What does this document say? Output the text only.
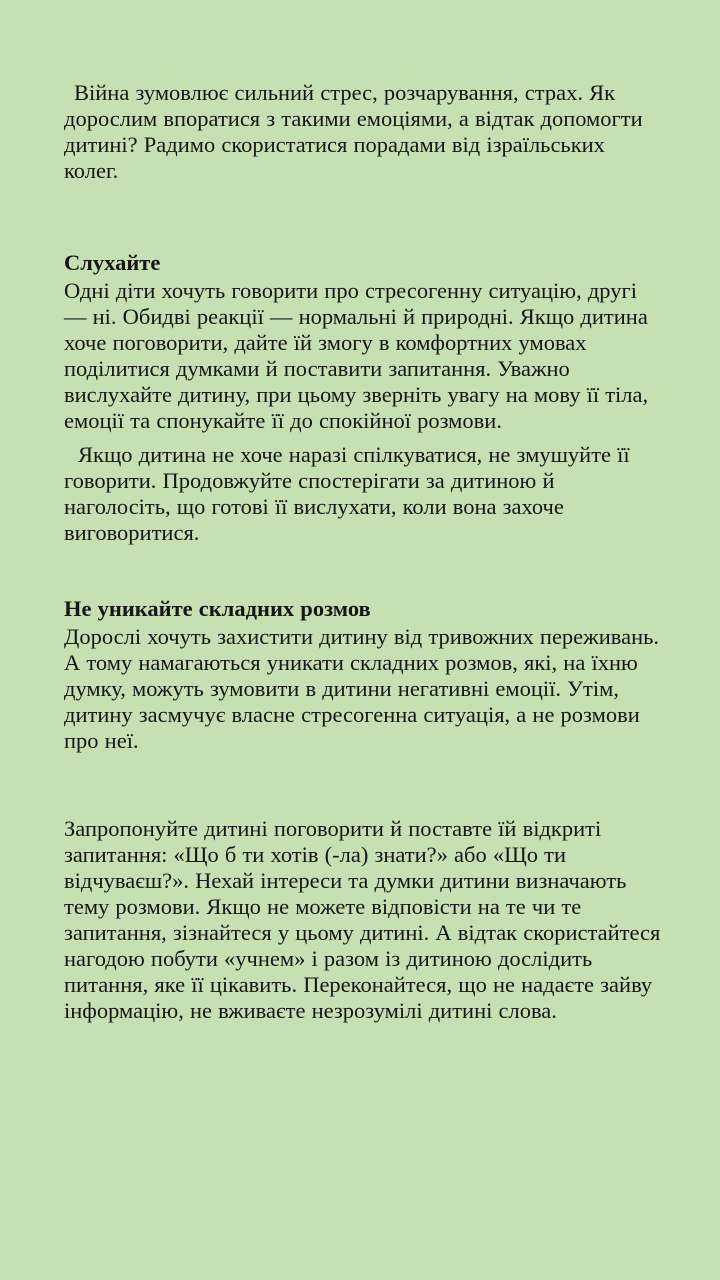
Війна зумовлює сильний стрес, розчарування, страх. Як дорослим впоратися з такими емоціями, а відтак допомогти дитині? Радимо скористатися порадами від ізраїльських колег.

Слухайте

Одні діти хочуть говорити про стресогенну ситуацію, другі — ні. Обидві реакції — нормальні й природні. Якщо дитина хоче поговорити, дайте їй змогу в комфортних умовах поділитися думками й поставити запитання. Уважно вислухайте дитину, при цьому зверніть увагу на мову її тіла, емоції та спонукайте її до спокійної розмови.

Якщо дитина не хоче наразі спілкуватися, не змушуйте її говорити. Продовжуйте спостерігати за дитиною й наголосіть, що готові її вислухати, коли вона захоче виговоритися.

Не уникайте складних розмов

Дорослі хочуть захистити дитину від тривожних переживань. А тому намагаються уникати складних розмов, які, на їхню думку, можуть зумовити в дитини негативні емоції. Утім, дитину засмучує власне стресогенна ситуація, а не розмови про неї.

Запропонуйте дитині поговорити й поставте їй відкриті запитання: «Що б ти хотів (-ла) знати?» або «Що ти відчуваєш?». Нехай інтереси та думки дитини визначають тему розмови. Якщо не можете відповісти на те чи те запитання, зізнайтеся у цьому дитині. А відтак скористайтеся нагодою побути «учнем» і разом із дитиною дослідить питання, яке її цікавить. Переконайтеся, що не надаєте зайву інформацію, не вживаєте незрозумілі дитині слова.
